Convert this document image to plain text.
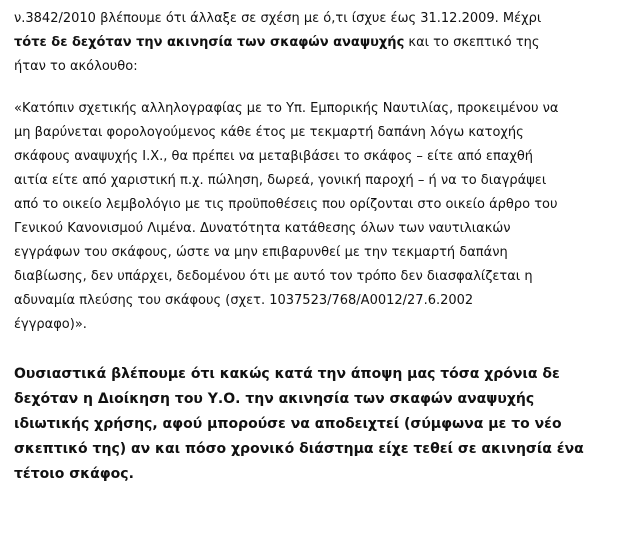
ν.3842/2010 βλέπουμε ότι άλλαξε σε σχέση με ό,τι ίσχυε έως 31.12.2009. Μέχρι
τότε δε δεχόταν την ακινησία των σκαφών αναψυχής και το σκεπτικό της
ήταν το ακόλουθο:
«Κατόπιν σχετικής αλληλογραφίας με το Υπ. Εμπορικής Ναυτιλίας, προκειμένου να
μη βαρύνεται φορολογούμενος κάθε έτος με τεκμαρτή δαπάνη λόγω κατοχής
σκάφους αναψυχής Ι.Χ., θα πρέπει να μεταβιβάσει το σκάφος – είτε από επαχθή
αιτία είτε από χαριστική π.χ. πώληση, δωρεά, γονική παροχή – ή να το διαγράψει
από το οικείο λεμβολόγιο με τις προϋποθέσεις που ορίζονται στο οικείο άρθρο του
Γενικού Κανονισμού Λιμένα. Δυνατότητα κατάθεσης όλων των ναυτιλιακών
εγγράφων του σκάφους, ώστε να μην επιβαρυνθεί με την τεκμαρτή δαπάνη
διαβίωσης, δεν υπάρχει, δεδομένου ότι με αυτό τον τρόπο δεν διασφαλίζεται η
αδυναμία πλεύσης του σκάφους (σχετ. 1037523/768/Α0012/27.6.2002
έγγραφο)».
Ουσιαστικά βλέπουμε ότι κακώς κατά την άποψη μας τόσα χρόνια δε
δεχόταν η Διοίκηση του Υ.Ο. την ακινησία των σκαφών αναψυχής
ιδιωτικής χρήσης, αφού μπορούσε να αποδειχτεί (σύμφωνα με το νέο
σκεπτικό της) αν και πόσο χρονικό διάστημα είχε τεθεί σε ακινησία ένα
τέτοιο σκάφος.
